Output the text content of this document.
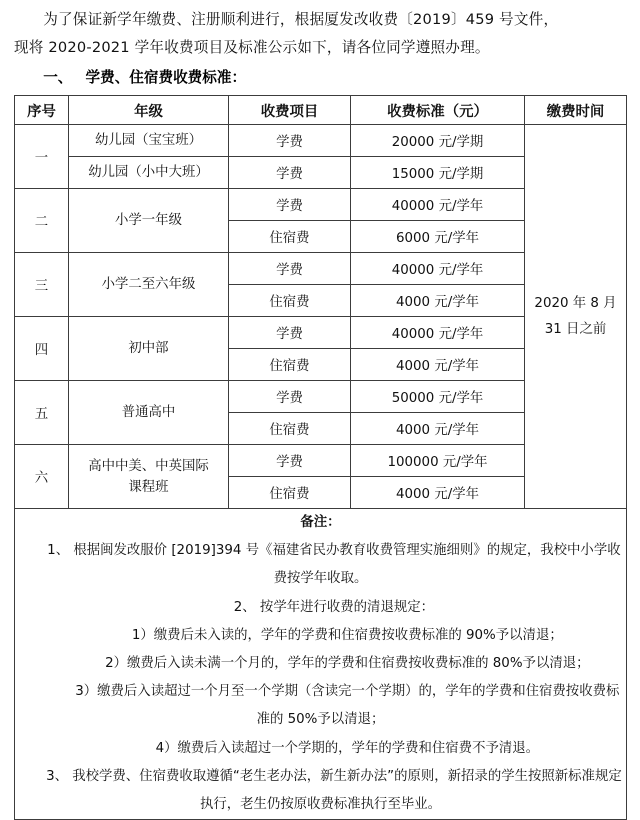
为了保证新学年缴费、注册顺利进行，根据厦发改收费〔2019〕459 号文件，

现将 2020-2021 学年收费项目及标准公示如下，请各位同学遵照办理。

一、 学费、住宿费收费标准：
序号	年级	收费项目	收费标准（元）	缴费时间
一	幼儿园（宝宝班）	学费	20000 元/学期	2020 年 8 月
31 日之前

	幼儿园（小中大班）	学费	15000 元/学期	
二	小学一年级	学费	40000 元/学年	
		住宿费	6000 元/学年	
三	小学二至六年级	学费	40000 元/学年	
		住宿费	4000 元/学年	
四	初中部	学费	40000 元/学年	
		住宿费	4000 元/学年	
五	普通高中	学费	50000 元/学年	
		住宿费	4000 元/学年	
六	高中中美、中英国际
课程班	学费	100000 元/学年	
		住宿费	4000 元/学年	

备注：
1、 根据闽发改服价 [2019]394 号《福建省民办教育收费管理实施细则》的规定，我校中小学收费按学年收取。
2、 按学年进行收费的清退规定：
1）缴费后未入读的，学年的学费和住宿费按收费标准的 90%予以清退；
2）缴费后入读未满一个月的，学年的学费和住宿费按收费标准的 80%予以清退；
3）缴费后入读超过一个月至一个学期（含读完一个学期）的，学年的学费和住宿费按收费标准的 50%予以清退；
4）缴费后入读超过一个学期的，学年的学费和住宿费不予清退。
3、 我校学费、住宿费收取遵循“老生老办法，新生新办法”的原则，新招录的学生按照新标准规定执行，老生仍按原收费标准执行至毕业。
